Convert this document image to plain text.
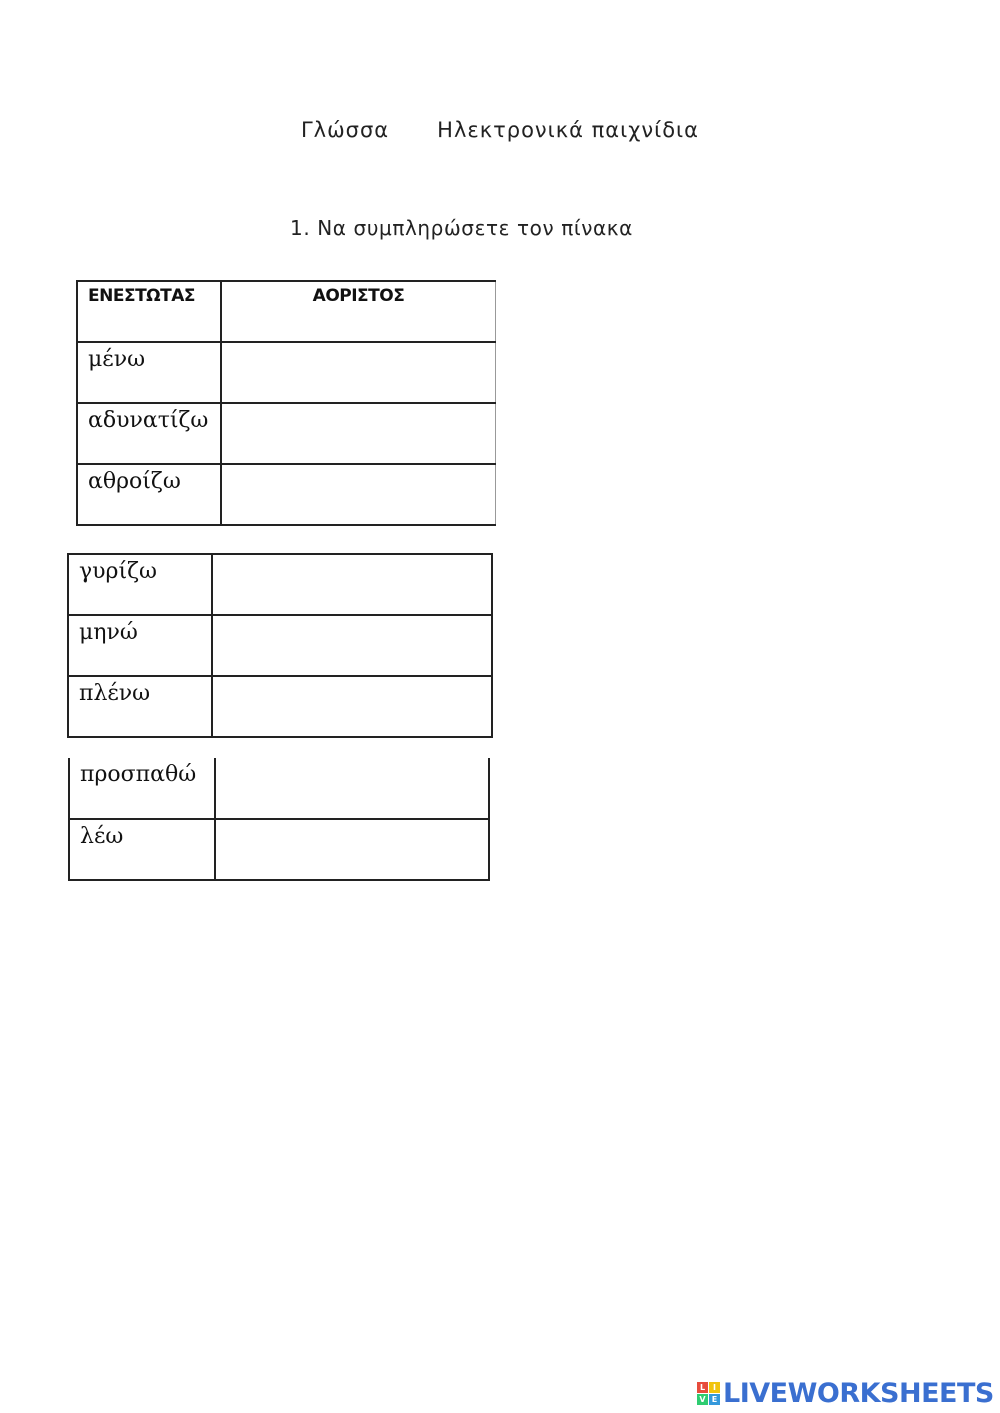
Γλώσσα Ηλεκτρονικά παιχνίδια
1. Να συμπληρώσετε τον πίνακα
ΕΝΕΣΤΩΤΑΣ	ΑΟΡΙΣΤΟΣ
μένω	
αδυνατίζω	
αθροίζω	
γυρίζω	
μηνώ	
πλένω	
προσπαθώ	
λέω	
L I
V E LIVEWORKSHEETS
